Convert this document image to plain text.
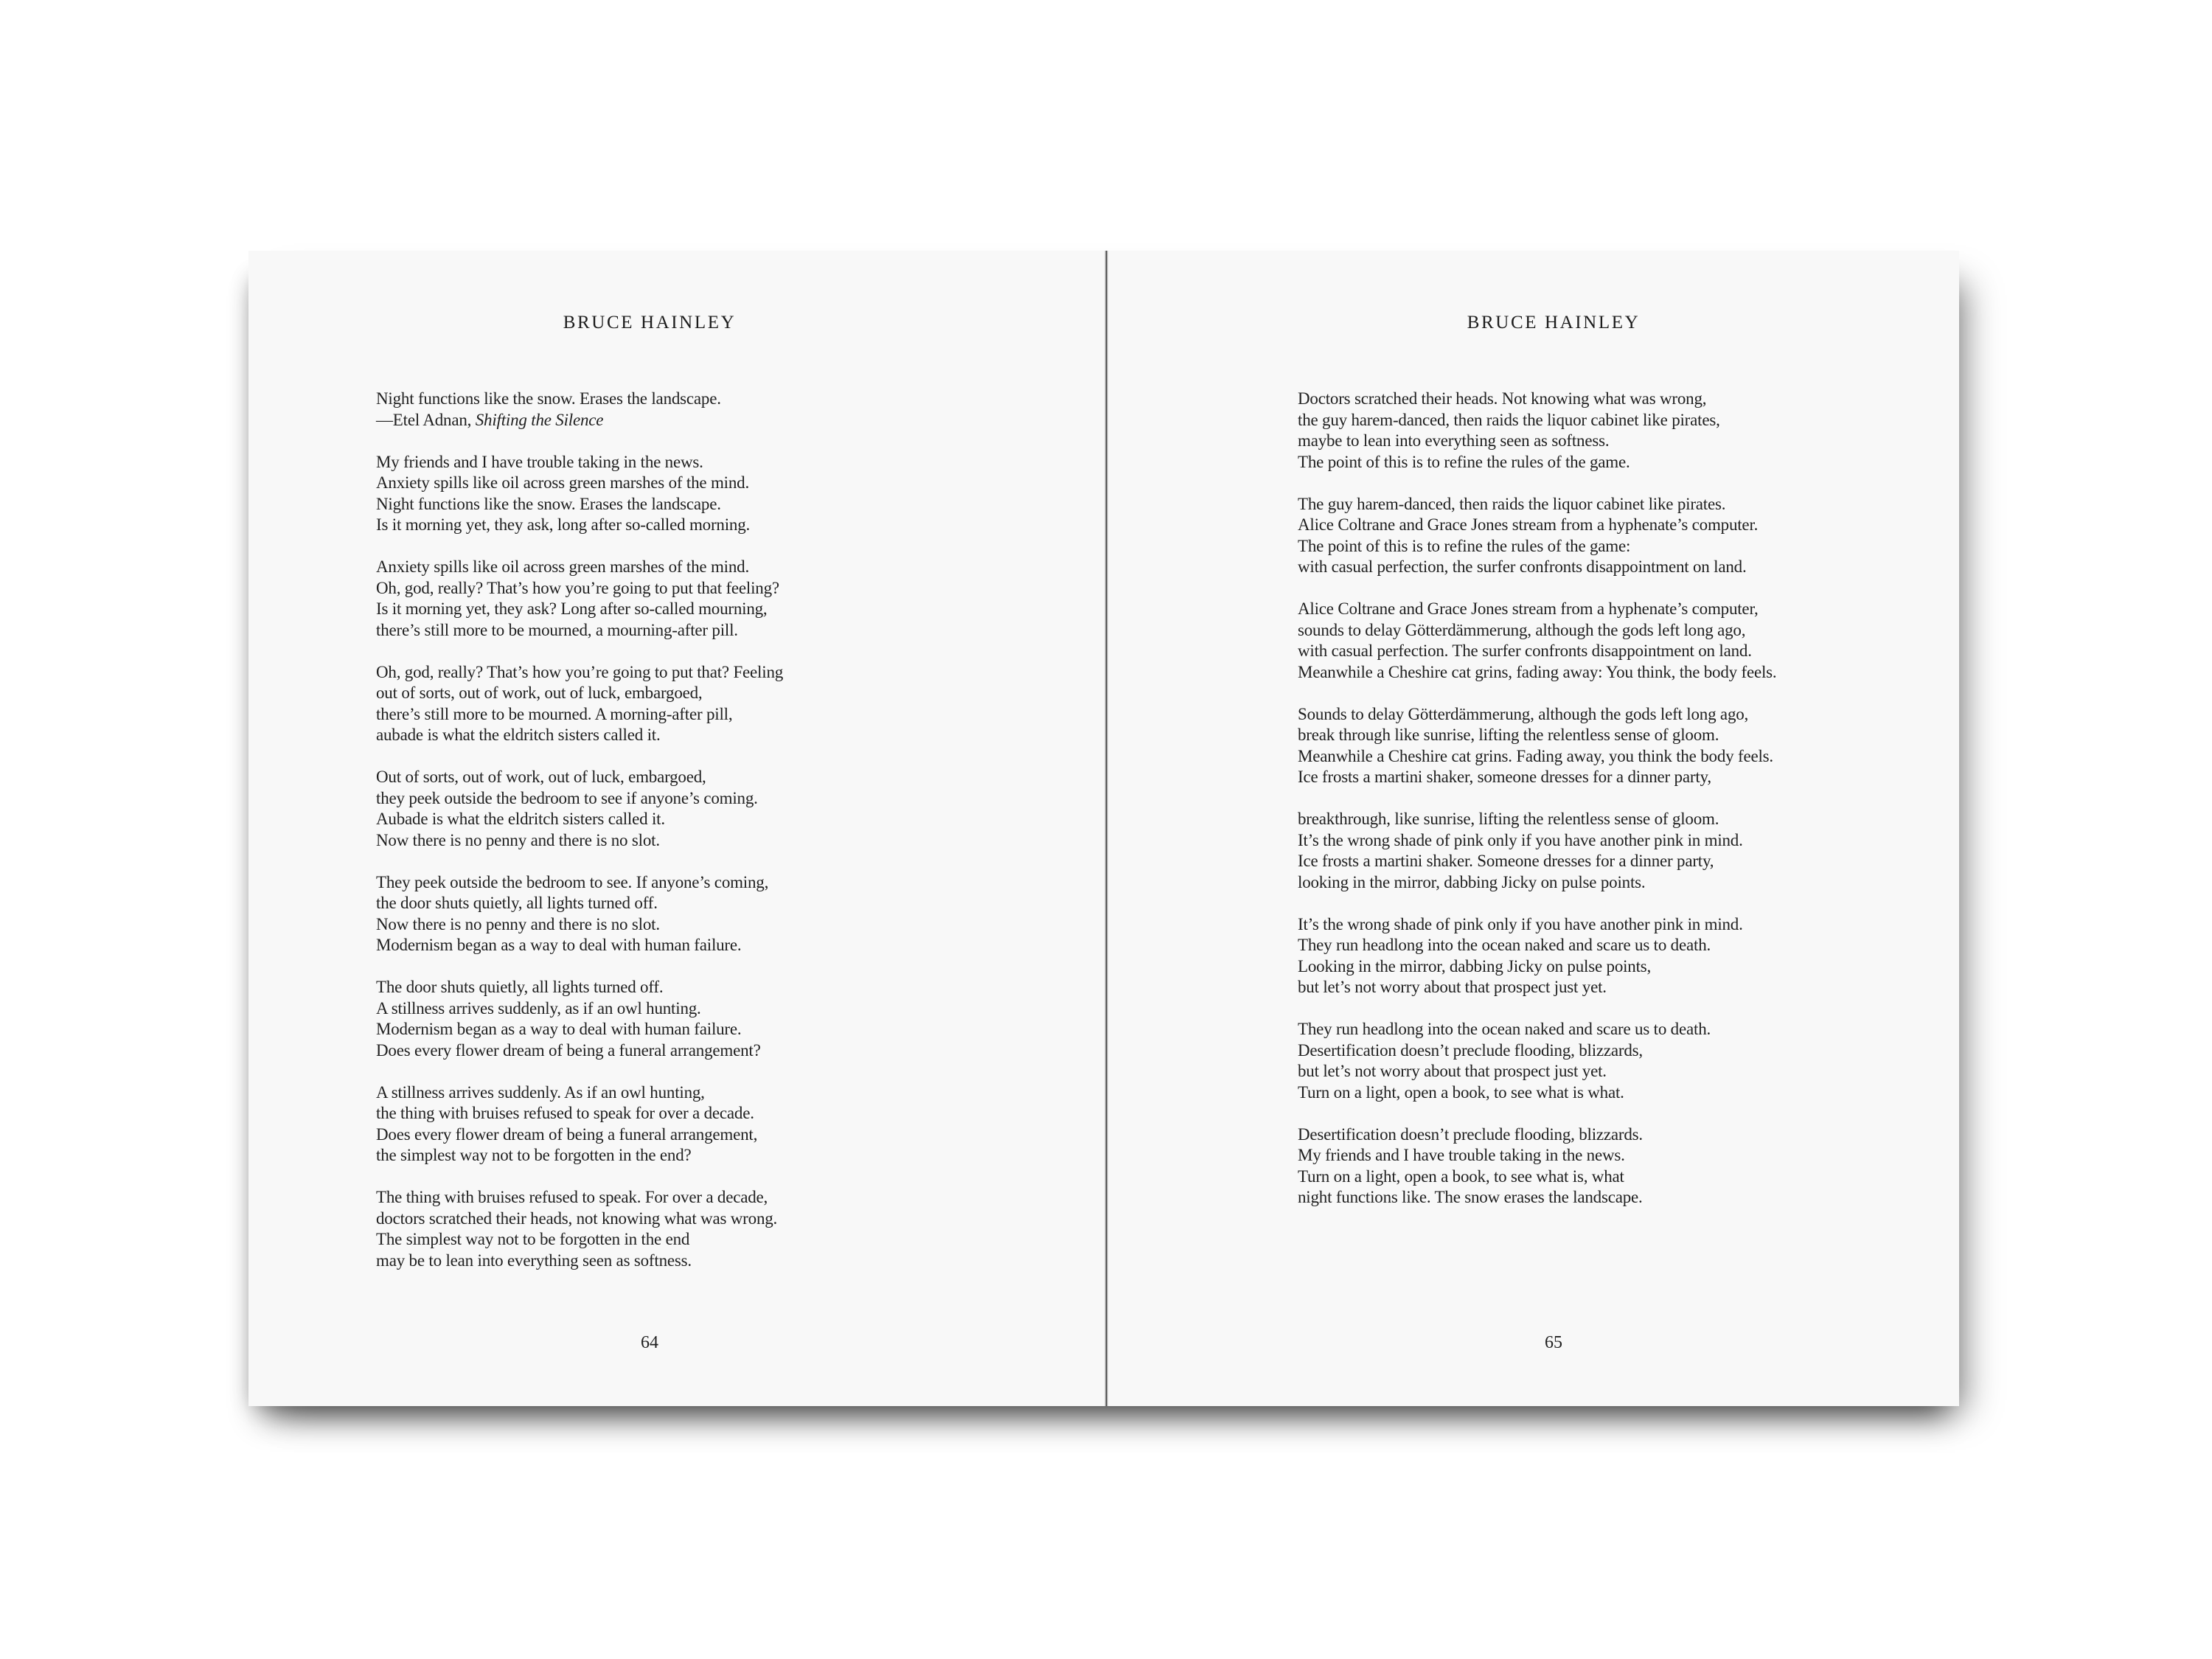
BRUCE HAINLEY

Night functions like the snow. Erases the landscape. —Etel Adnan, Shifting the Silence

My friends and I have trouble taking in the news.
Anxiety spills like oil across green marshes of the mind.
Night functions like the snow. Erases the landscape.
Is it morning yet, they ask, long after so-called morning.

Anxiety spills like oil across green marshes of the mind.
Oh, god, really? That’s how you’re going to put that feeling?
Is it morning yet, they ask? Long after so-called mourning,
there’s still more to be mourned, a mourning-after pill.

Oh, god, really? That’s how you’re going to put that? Feeling
out of sorts, out of work, out of luck, embargoed,
there’s still more to be mourned. A morning-after pill,
aubade is what the eldritch sisters called it.

Out of sorts, out of work, out of luck, embargoed,
they peek outside the bedroom to see if anyone’s coming.
Aubade is what the eldritch sisters called it.
Now there is no penny and there is no slot.

They peek outside the bedroom to see. If anyone’s coming,
the door shuts quietly, all lights turned off.
Now there is no penny and there is no slot.
Modernism began as a way to deal with human failure.

The door shuts quietly, all lights turned off.
A stillness arrives suddenly, as if an owl hunting.
Modernism began as a way to deal with human failure.
Does every flower dream of being a funeral arrangement?

A stillness arrives suddenly. As if an owl hunting,
the thing with bruises refused to speak for over a decade.
Does every flower dream of being a funeral arrangement,
the simplest way not to be forgotten in the end?

The thing with bruises refused to speak. For over a decade,
doctors scratched their heads, not knowing what was wrong.
The simplest way not to be forgotten in the end
may be to lean into everything seen as softness.

64
BRUCE HAINLEY

Doctors scratched their heads. Not knowing what was wrong,
the guy harem-danced, then raids the liquor cabinet like pirates,
maybe to lean into everything seen as softness.
The point of this is to refine the rules of the game.

The guy harem-danced, then raids the liquor cabinet like pirates.
Alice Coltrane and Grace Jones stream from a hyphenate’s computer.
The point of this is to refine the rules of the game:
with casual perfection, the surfer confronts disappointment on land.

Alice Coltrane and Grace Jones stream from a hyphenate’s computer,
sounds to delay Götterdämmerung, although the gods left long ago,
with casual perfection. The surfer confronts disappointment on land.
Meanwhile a Cheshire cat grins, fading away: You think, the body feels.

Sounds to delay Götterdämmerung, although the gods left long ago,
break through like sunrise, lifting the relentless sense of gloom.
Meanwhile a Cheshire cat grins. Fading away, you think the body feels.
Ice frosts a martini shaker, someone dresses for a dinner party,

breakthrough, like sunrise, lifting the relentless sense of gloom.
It’s the wrong shade of pink only if you have another pink in mind.
Ice frosts a martini shaker. Someone dresses for a dinner party,
looking in the mirror, dabbing Jicky on pulse points.

It’s the wrong shade of pink only if you have another pink in mind.
They run headlong into the ocean naked and scare us to death.
Looking in the mirror, dabbing Jicky on pulse points,
but let’s not worry about that prospect just yet.

They run headlong into the ocean naked and scare us to death.
Desertification doesn’t preclude flooding, blizzards,
but let’s not worry about that prospect just yet.
Turn on a light, open a book, to see what is what.

Desertification doesn’t preclude flooding, blizzards.
My friends and I have trouble taking in the news.
Turn on a light, open a book, to see what is, what
night functions like. The snow erases the landscape.

65
